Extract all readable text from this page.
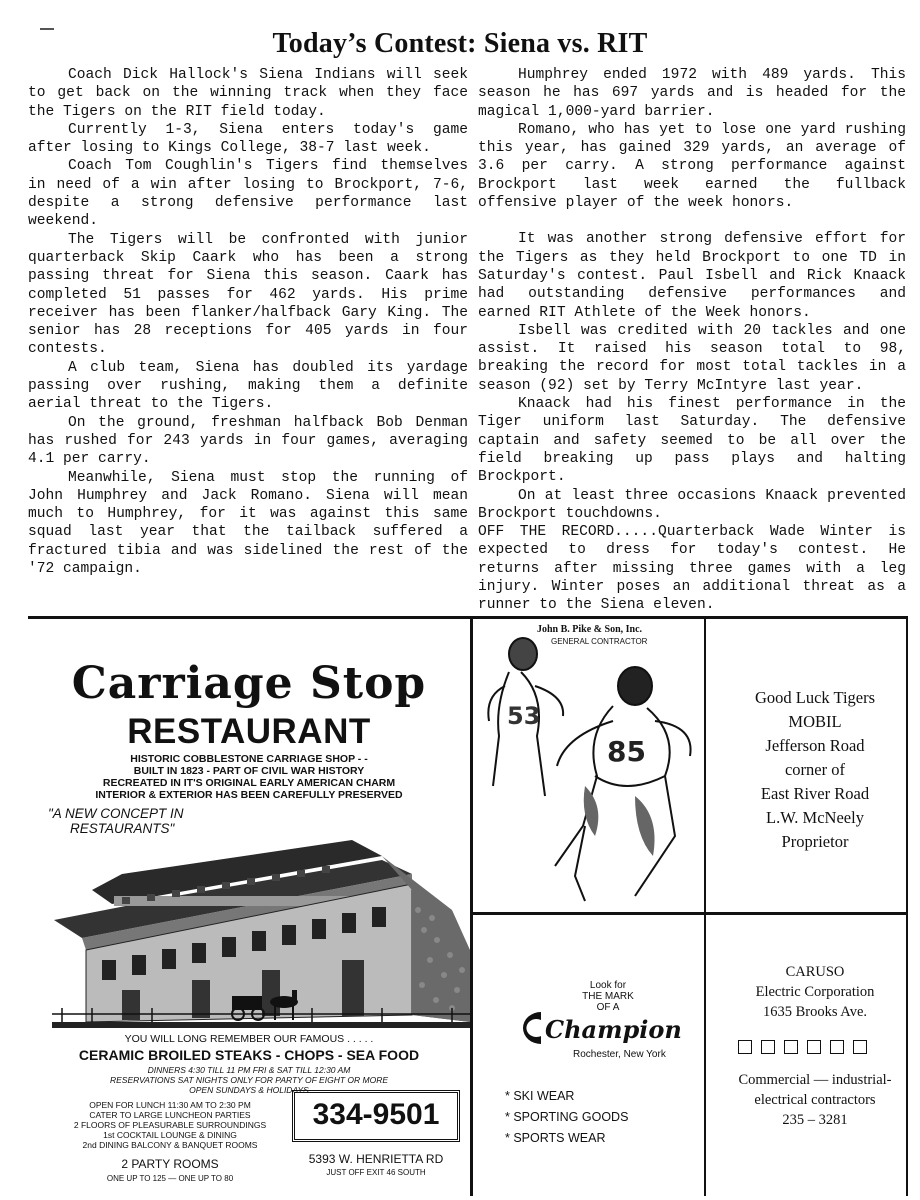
Today’s Contest: Siena vs. RIT

Coach Dick Hallock's Siena Indians will seek to get back on the winning track when they face the Tigers on the RIT field today.

Currently 1-3, Siena enters today's game after losing to Kings College, 38-7 last week.

Coach Tom Coughlin's Tigers find themselves in need of a win after losing to Brockport, 7-6, despite a strong defensive performance last weekend.

The Tigers will be confronted with junior quarterback Skip Caark who has been a strong passing threat for Siena this season. Caark has completed 51 passes for 462 yards. His prime receiver has been flanker/halfback Gary King. The senior has 28 receptions for 405 yards in four contests.

A club team, Siena has doubled its yardage passing over rushing, making them a definite aerial threat to the Tigers.

On the ground, freshman halfback Bob Denman has rushed for 243 yards in four games, averaging 4.1 per carry.

Meanwhile, Siena must stop the running of John Humphrey and Jack Romano. Siena will mean much to Humphrey, for it was against this same squad last year that the tailback suffered a fractured tibia and was sidelined the rest of the '72 campaign.

Humphrey ended 1972 with 489 yards. This season he has 697 yards and is headed for the magical 1,000-yard barrier.

Romano, who has yet to lose one yard rushing this year, has gained 329 yards, an average of 3.6 per carry. A strong performance against Brockport last week earned the fullback offensive player of the week honors.

It was another strong defensive effort for the Tigers as they held Brockport to one TD in Saturday's contest. Paul Isbell and Rick Knaack had outstanding defensive performances and earned RIT Athlete of the Week honors.

Isbell was credited with 20 tackles and one assist. It raised his season total to 98, breaking the record for most total tackles in a season (92) set by Terry McIntyre last year.

Knaack had his finest performance in the Tiger uniform last Saturday. The defensive captain and safety seemed to be all over the field breaking up pass plays and halting Brockport.

On at least three occasions Knaack prevented Brockport touchdowns.

OFF THE RECORD.....Quarterback Wade Winter is expected to dress for today's contest. He returns after missing three games with a leg injury. Winter poses an additional threat as a runner to the Siena eleven.

Carriage Stop
RESTAURANT
HISTORIC COBBLESTONE CARRIAGE SHOP - -
BUILT IN 1823 - PART OF CIVIL WAR HISTORY
RECREATED IN IT'S ORIGINAL EARLY AMERICAN CHARM
INTERIOR & EXTERIOR HAS BEEN CAREFULLY PRESERVED
"A NEW CONCEPT IN
RESTAURANTS"
YOU WILL LONG REMEMBER OUR FAMOUS . . . . .
CERAMIC BROILED STEAKS - CHOPS - SEA FOOD
DINNERS 4:30 TILL 11 PM FRI & SAT TILL 12:30 AM
RESERVATIONS SAT NIGHTS ONLY FOR PARTY OF EIGHT OR MORE
OPEN SUNDAYS & HOLIDAYS
OPEN FOR LUNCH 11:30 AM TO 2:30 PM
CATER TO LARGE LUNCHEON PARTIES
2 FLOORS OF PLEASURABLE SURROUNDINGS
1st COCKTAIL LOUNGE & DINING
2nd DINING BALCONY & BANQUET ROOMS
2 PARTY ROOMS
ONE UP TO 125 — ONE UP TO 80
334-9501
5393 W. HENRIETTA RD
JUST OFF EXIT 46 SOUTH
53
85
John B. Pike & Son, Inc.
GENERAL CONTRACTOR
Good Luck Tigers
MOBIL
Jefferson Road
corner of
East River Road
L.W. McNeely
Proprietor
Look for
THE MARK
OF A
Champion
Rochester, New York
* SKI WEAR
* SPORTING GOODS
* SPORTS WEAR
CARUSO
Electric Corporation
1635 Brooks Ave.
Commercial — industrial-
electrical contractors
235 – 3281
